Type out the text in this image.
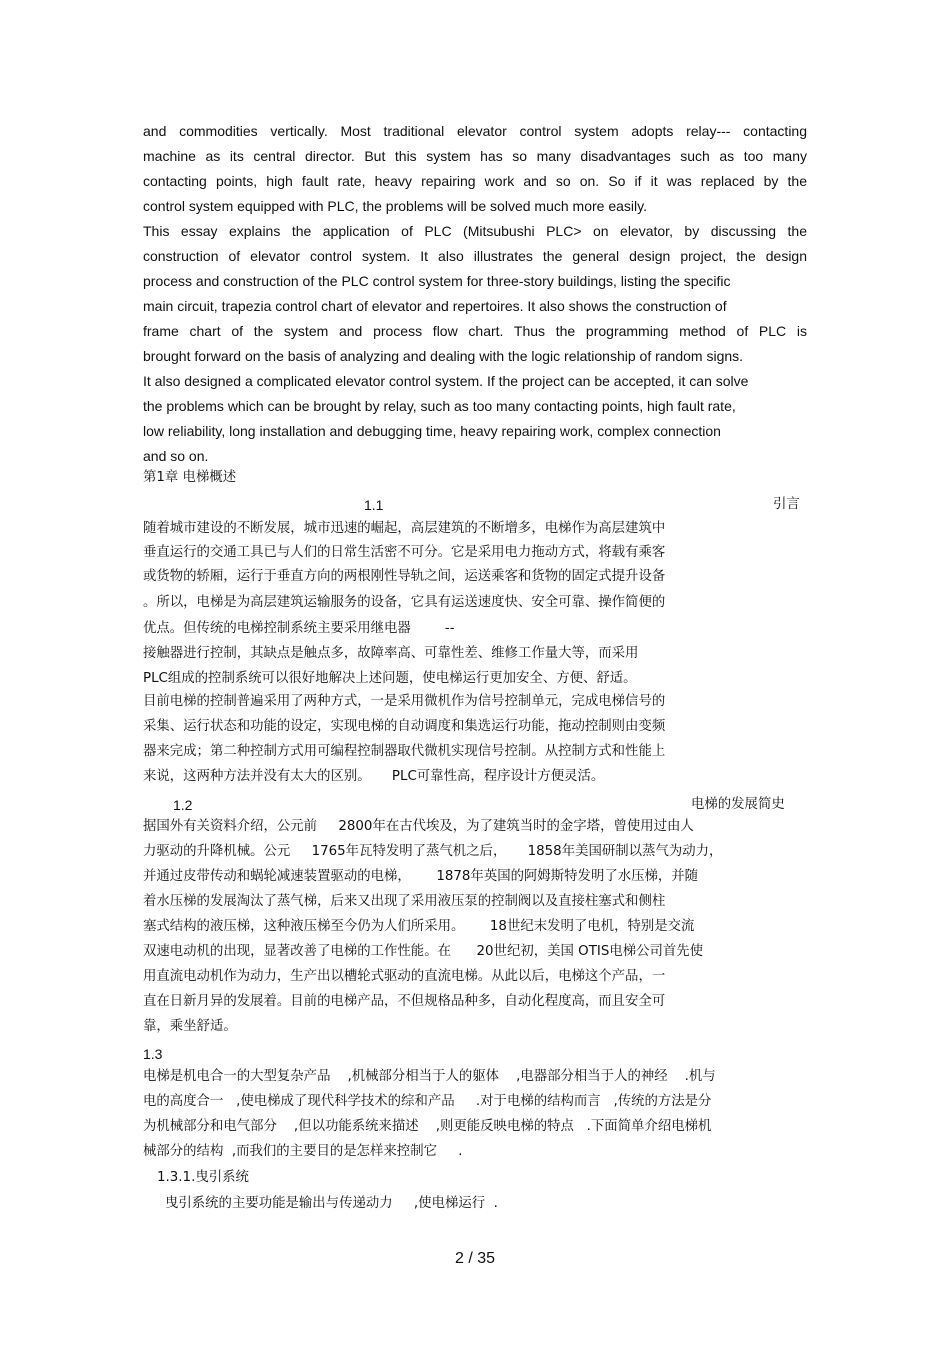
and commodities vertically. Most traditional elevator control system adopts relay--- contacting
machine as its central director. But this system has so many disadvantages such as too many
contacting points, high fault rate, heavy repairing work and so on. So if it was replaced by the
control system equipped with PLC, the problems will be solved much more easily.
This essay explains the application of PLC (Mitsubushi PLC> on elevator, by discussing the
construction of elevator control system. It also illustrates the general design project, the design
process and construction of the PLC control system for three-story buildings, listing the specific
main circuit, trapezia control chart of elevator and repertoires. It also shows the construction of
frame chart of the system and process flow chart. Thus the programming method of PLC is
brought forward on the basis of analyzing and dealing with the logic relationship of random signs.
It also designed a complicated elevator control system. If the project can be accepted, it can solve
the problems which can be brought by relay, such as too many contacting points, high fault rate,
low reliability, long installation and debugging time, heavy repairing work, complex connection
and so on.
第1章 电梯概述
1.1	引言
随着城市建设的不断发展，城市迅速的崛起，高层建筑的不断增多，电梯作为高层建筑中
垂直运行的交通工具已与人们的日常生活密不可分。它是采用电力拖动方式，将载有乘客
或货物的轿厢，运行于垂直方向的两根刚性导轨之间，运送乘客和货物的固定式提升设备
。所以，电梯是为高层建筑运输服务的设备，它具有运送速度快、安全可靠、操作简便的
优点。但传统的电梯控制系统主要采用继电器        --
接触器进行控制，其缺点是触点多，故障率高、可靠性差、维修工作量大等，而采用
PLC组成的控制系统可以很好地解决上述问题，使电梯运行更加安全、方便、舒适。
目前电梯的控制普遍采用了两种方式，一是采用微机作为信号控制单元，完成电梯信号的
采集、运行状态和功能的设定，实现电梯的自动调度和集选运行功能，拖动控制则由变频
器来完成；第二种控制方式用可编程控制器取代微机实现信号控制。从控制方式和性能上
来说，这两种方法并没有太大的区别。     PLC可靠性高，程序设计方便灵活。
1.2	电梯的发展简史
据国外有关资料介绍，公元前     2800年在古代埃及，为了建筑当时的金字塔，曾使用过由人
力驱动的升降机械。公元     1765年瓦特发明了蒸气机之后，     1858年美国研制以蒸气为动力，
并通过皮带传动和蜗轮减速装置驱动的电梯，      1878年英国的阿姆斯特发明了水压梯，并随
着水压梯的发展淘汰了蒸气梯，后来又出现了采用液压泵的控制阀以及直接柱塞式和侧柱
塞式结构的液压梯，这种液压梯至今仍为人们所采用。      18世纪末发明了电机，特别是交流
双速电动机的出现，显著改善了电梯的工作性能。在      20世纪初，美国 OTIS电梯公司首先使
用直流电动机作为动力，生产出以槽轮式驱动的直流电梯。从此以后，电梯这个产品，一
直在日新月异的发展着。目前的电梯产品，不但规格品种多，自动化程度高，而且安全可
靠，乘坐舒适。
1.3
电梯是机电合一的大型复杂产品    ,机械部分相当于人的躯体    ,电器部分相当于人的神经    .机与
电的高度合一   ,使电梯成了现代科学技术的综和产品     .对于电梯的结构而言   ,传统的方法是分
为机械部分和电气部分    ,但以功能系统来描述    ,则更能反映电梯的特点   .下面简单介绍电梯机
械部分的结构  ,而我们的主要目的是怎样来控制它     .
1.3.1.曳引系统
曳引系统的主要功能是输出与传递动力     ,使电梯运行  .
2 / 35
